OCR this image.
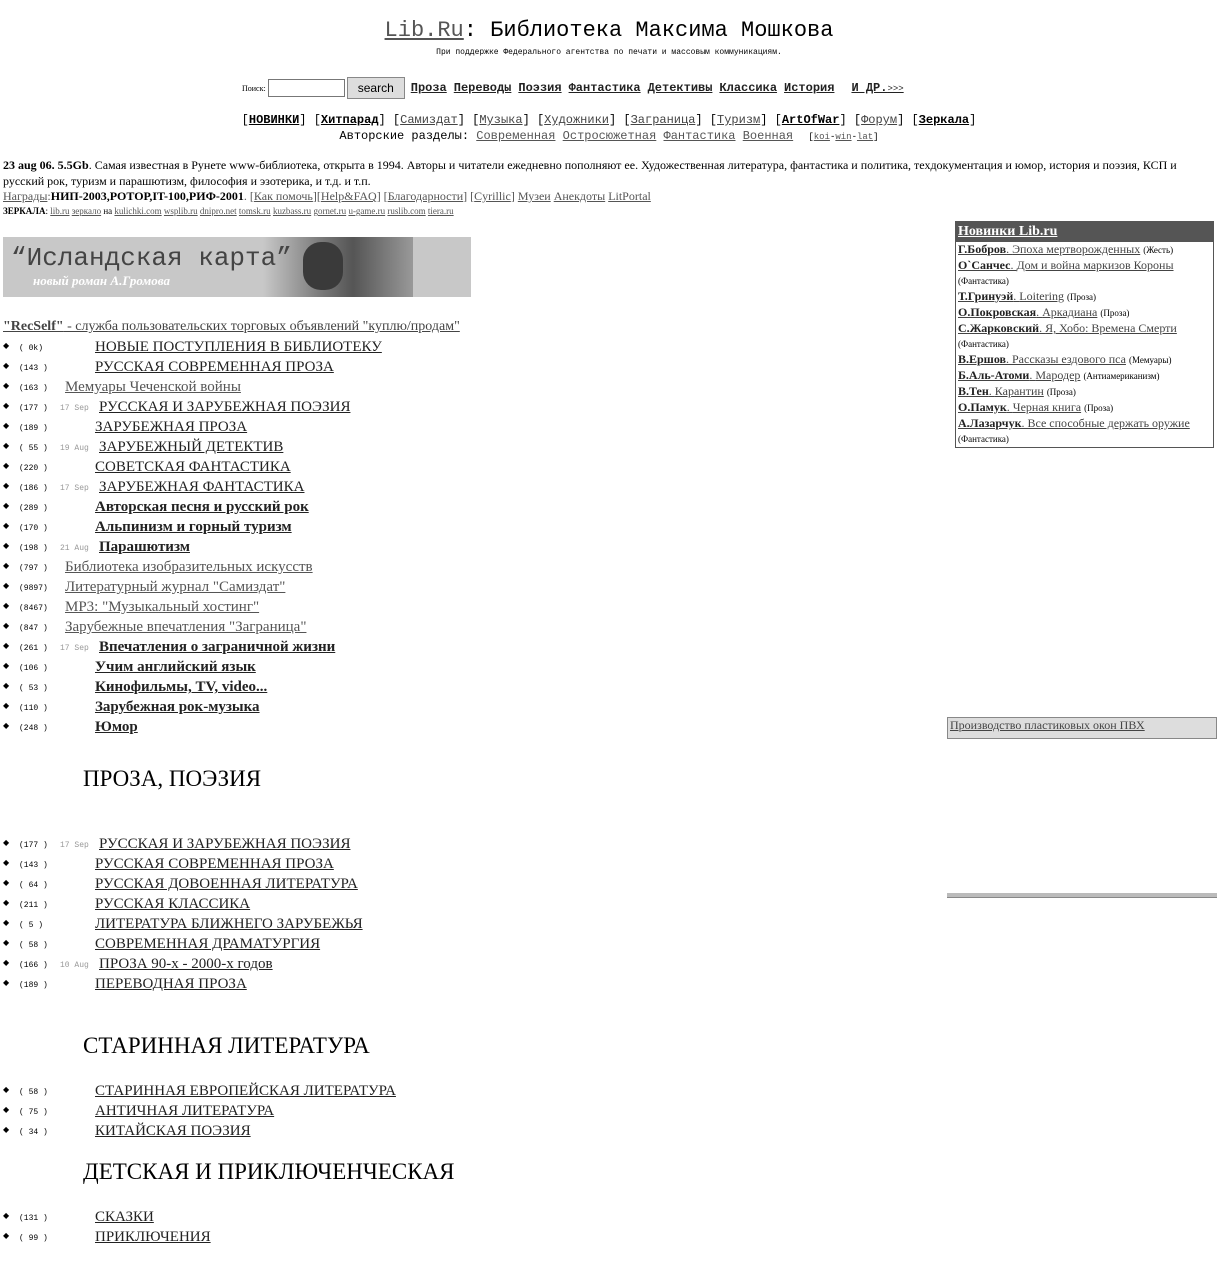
Lib.Ru: Библиотека Максима Мошкова
При поддержке Федерального агентства по печати и массовым коммуникациям.
Поиск:	search	Проза Переводы Поэзия Фантастика Детективы Классика История И ДР.>>>
[НОВИНКИ] [Хитпарад] [Самиздат] [Музыка] [Художники] [Заграница] [Туризм] [ArtOfWar] [Форум] [Зеркала]
Авторские разделы: Современная Остросюжетная Фантастика Военная [koi-win-lat]
23 aug 06. 5.5Gb. Самая известная в Рунете www-библиотека, открыта в 1994. Авторы и читатели ежедневно пополняют ее. Художественная литература, фантастика и политика, техдокументация и юмор, история и поэзия, КСП и русский рок, туризм и парашютизм, философия и эзотерика, и т.д. и т.п.
Награды:НИП-2003,РОТОР,IT-100,РИФ-2001. [Как помочь][Help&FAQ] [Благодарности] [Cyrillic] Музеи Анекдоты LitPortal
ЗЕРКАЛА: lib.ru зеркало на kulichki.com wsplib.ru dnipro.net tomsk.ru kuzbass.ru gornet.ru u-game.ru ruslib.com tiera.ru
“Исландская карта”
новый роман А.Громова
"RecSelf" - служба пользовательских торговых объявлений "куплю/продам"
◆ ( 0k)	НОВЫЕ ПОСТУПЛЕНИЯ В БИБЛИОТЕКУ
◆ (143 )	РУССКАЯ СОВРЕМЕННАЯ ПРОЗА
◆ (163 ) Мемуары Чеченской войны
◆ (177 ) 17 Sep РУССКАЯ И ЗАРУБЕЖНАЯ ПОЭЗИЯ
◆ (189 )	ЗАРУБЕЖНАЯ ПРОЗА
◆ ( 55 ) 19 Aug ЗАРУБЕЖНЫЙ ДЕТЕКТИВ
◆ (220 )	СОВЕТСКАЯ ФАНТАСТИКА
◆ (186 ) 17 Sep ЗАРУБЕЖНАЯ ФАНТАСТИКА
◆ (289 )	Авторская песня и русский рок
◆ (170 )	Альпинизм и горный туризм
◆ (198 ) 21 Aug Парашютизм
◆ (797 ) Библиотека изобразительных искусств
◆ (9897) Литературный журнал "Самиздат"
◆ (8467) MP3: "Музыкальный хостинг"
◆ (847 ) Зарубежные впечатления "Заграница"
◆ (261 ) 17 Sep Впечатления о заграничной жизни
◆ (106 )	Учим английский язык
◆ ( 53 )	Кинофильмы, TV, video...
◆ (110 )	Зарубежная рок-музыка
◆ (248 )	Юмор
ПРОЗА, ПОЭЗИЯ
◆ (177 ) 17 Sep РУССКАЯ И ЗАРУБЕЖНАЯ ПОЭЗИЯ
◆ (143 )	РУССКАЯ СОВРЕМЕННАЯ ПРОЗА
◆ ( 64 )	РУССКАЯ ДОВОЕННАЯ ЛИТЕРАТУРА
◆ (211 )	РУССКАЯ КЛАССИКА
◆ ( 5 )	ЛИТЕРАТУРА БЛИЖНЕГО ЗАРУБЕЖЬЯ
◆ ( 58 )	СОВРЕМЕННАЯ ДРАМАТУРГИЯ
◆ (166 ) 10 Aug ПРОЗА 90-х - 2000-х годов
◆ (189 )	ПЕРЕВОДНАЯ ПРОЗА
СТАРИННАЯ ЛИТЕРАТУРА
◆ ( 58 )	СТАРИННАЯ ЕВРОПЕЙСКАЯ ЛИТЕРАТУРА
◆ ( 75 )	АНТИЧНАЯ ЛИТЕРАТУРА
◆ ( 34 )	КИТАЙСКАЯ ПОЭЗИЯ
ДЕТСКАЯ И ПРИКЛЮЧЕНЧЕСКАЯ
◆ (131 )	СКАЗКИ
◆ ( 99 )	ПРИКЛЮЧЕНИЯ
Новинки Lib.ru
Г.Бобров. Эпоха мертворожденных (Жесть)
О`Санчес. Дом и война маркизов Короны (Фантастика)
Т.Гринуэй. Loitering (Проза)
О.Покровская. Аркадиана (Проза)
С.Жарковский. Я, Хобо: Времена Смерти (Фантастика)
В.Ершов. Рассказы ездового пса (Мемуары)
Б.Аль-Атоми. Мародер (Антиамериканизм)
В.Тен. Карантин (Проза)
О.Памук. Черная книга (Проза)
А.Лазарчук. Все способные держать оружие (Фантастика)
Производство пластиковых окон ПВХ
